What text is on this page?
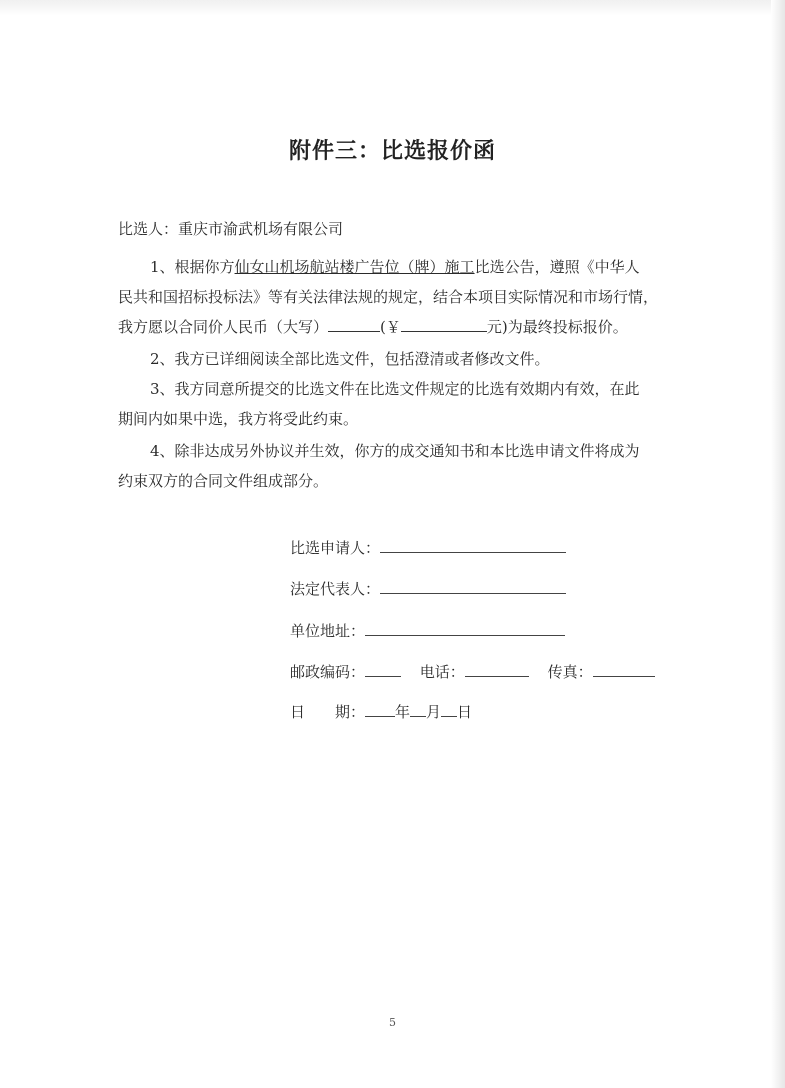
附件三：比选报价函
比选人：重庆市渝武机场有限公司
1、根据你方仙女山机场航站楼广告位（牌）施工比选公告，遵照《中华人
民共和国招标投标法》等有关法律法规的规定，结合本项目实际情况和市场行情，
我方愿以合同价人民币（大写）	(￥	元)为最终投标报价。
2、我方已详细阅读全部比选文件，包括澄清或者修改文件。
3、我方同意所提交的比选文件在比选文件规定的比选有效期内有效，在此
期间内如果中选，我方将受此约束。
4、除非达成另外协议并生效，你方的成交通知书和本比选申请文件将成为
约束双方的合同文件组成部分。
比选申请人：
法定代表人：
单位地址：
邮政编码：	电话：	传真：
日　　期： 年 月 日
5
